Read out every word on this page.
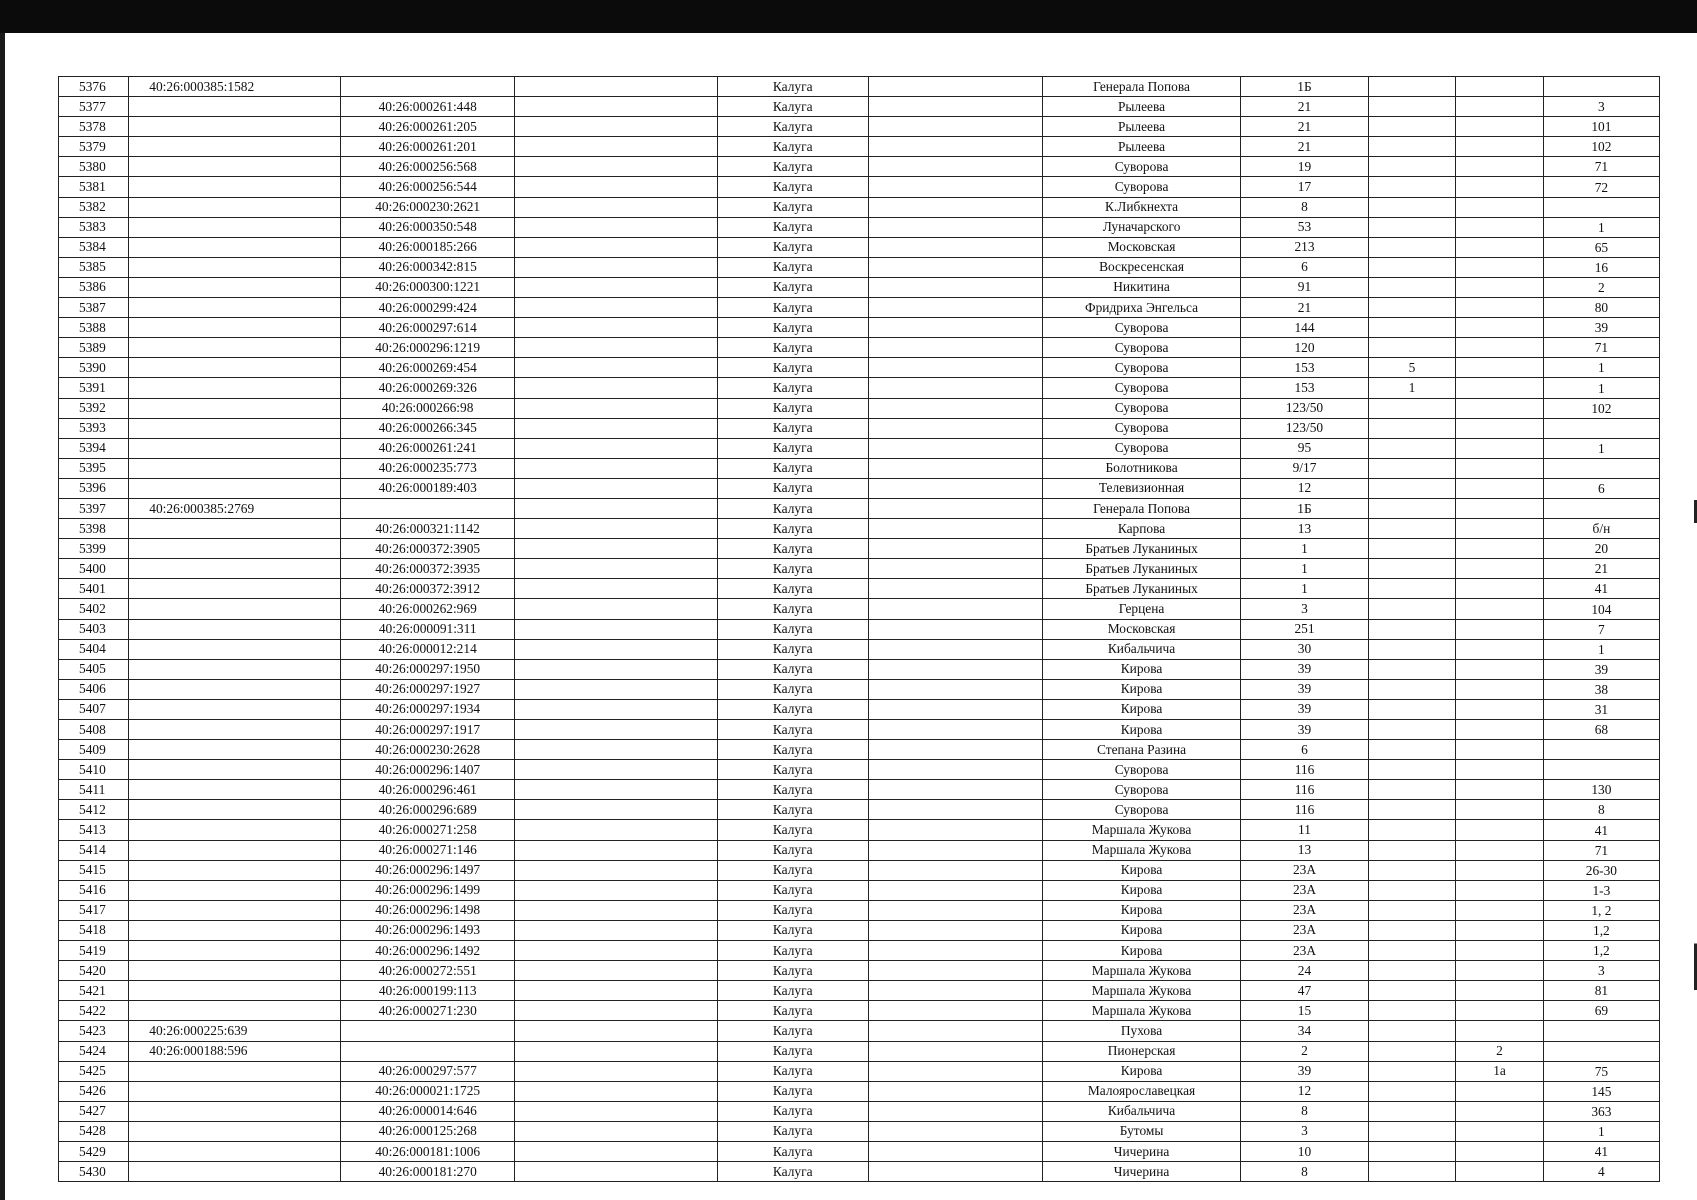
5376	40:26:000385:1582			Калуга		Генерала Попова	1Б			
5377		40:26:000261:448		Калуга		Рылеева	21			3
5378		40:26:000261:205		Калуга		Рылеева	21			101
5379		40:26:000261:201		Калуга		Рылеева	21			102
5380		40:26:000256:568		Калуга		Суворова	19			71
5381		40:26:000256:544		Калуга		Суворова	17			72
5382		40:26:000230:2621		Калуга		К.Либкнехта	8			
5383		40:26:000350:548		Калуга		Луначарского	53			1
5384		40:26:000185:266		Калуга		Московская	213			65
5385		40:26:000342:815		Калуга		Воскресенская	6			16
5386		40:26:000300:1221		Калуга		Никитина	91			2
5387		40:26:000299:424		Калуга		Фридриха Энгельса	21			80
5388		40:26:000297:614		Калуга		Суворова	144			39
5389		40:26:000296:1219		Калуга		Суворова	120			71
5390		40:26:000269:454		Калуга		Суворова	153	5		1
5391		40:26:000269:326		Калуга		Суворова	153	1		1
5392		40:26:000266:98		Калуга		Суворова	123/50			102
5393		40:26:000266:345		Калуга		Суворова	123/50			
5394		40:26:000261:241		Калуга		Суворова	95			1
5395		40:26:000235:773		Калуга		Болотникова	9/17			
5396		40:26:000189:403		Калуга		Телевизионная	12			6
5397	40:26:000385:2769			Калуга		Генерала Попова	1Б			
5398		40:26:000321:1142		Калуга		Карпова	13			б/н
5399		40:26:000372:3905		Калуга		Братьев Луканиных	1			20
5400		40:26:000372:3935		Калуга		Братьев Луканиных	1			21
5401		40:26:000372:3912		Калуга		Братьев Луканиных	1			41
5402		40:26:000262:969		Калуга		Герцена	3			104
5403		40:26:000091:311		Калуга		Московская	251			7
5404		40:26:000012:214		Калуга		Кибальчича	30			1
5405		40:26:000297:1950		Калуга		Кирова	39			39
5406		40:26:000297:1927		Калуга		Кирова	39			38
5407		40:26:000297:1934		Калуга		Кирова	39			31
5408		40:26:000297:1917		Калуга		Кирова	39			68
5409		40:26:000230:2628		Калуга		Степана Разина	6			
5410		40:26:000296:1407		Калуга		Суворова	116			
5411		40:26:000296:461		Калуга		Суворова	116			130
5412		40:26:000296:689		Калуга		Суворова	116			8
5413		40:26:000271:258		Калуга		Маршала Жукова	11			41
5414		40:26:000271:146		Калуга		Маршала Жукова	13			71
5415		40:26:000296:1497		Калуга		Кирова	23А			26-30
5416		40:26:000296:1499		Калуга		Кирова	23А			1-3
5417		40:26:000296:1498		Калуга		Кирова	23А			1, 2
5418		40:26:000296:1493		Калуга		Кирова	23А			1,2
5419		40:26:000296:1492		Калуга		Кирова	23А			1,2
5420		40:26:000272:551		Калуга		Маршала Жукова	24			3
5421		40:26:000199:113		Калуга		Маршала Жукова	47			81
5422		40:26:000271:230		Калуга		Маршала Жукова	15			69
5423	40:26:000225:639			Калуга		Пухова	34			
5424	40:26:000188:596			Калуга		Пионерская	2		2	
5425		40:26:000297:577		Калуга		Кирова	39		1а	75
5426		40:26:000021:1725		Калуга		Малоярославецкая	12			145
5427		40:26:000014:646		Калуга		Кибальчича	8			363
5428		40:26:000125:268		Калуга		Бутомы	3			1
5429		40:26:000181:1006		Калуга		Чичерина	10			41
5430		40:26:000181:270		Калуга		Чичерина	8			4
